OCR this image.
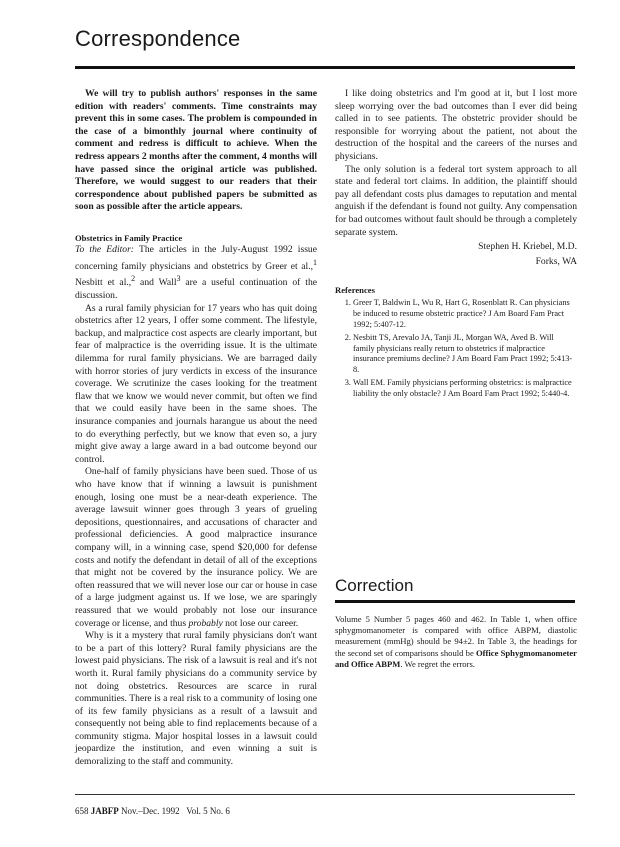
Correspondence

We will try to publish authors' responses in the same edition with readers' comments. Time constraints may prevent this in some cases. The problem is compounded in the case of a bimonthly journal where continuity of comment and redress is difficult to achieve. When the redress appears 2 months after the comment, 4 months will have passed since the original article was published. Therefore, we would suggest to our readers that their correspondence about published papers be submitted as soon as possible after the article appears.

Obstetrics in Family Practice

To the Editor: The articles in the July-August 1992 issue concerning family physicians and obstetrics by Greer et al.,$^1$ Nesbitt et al.,$^2$ and Wall$^3$ are a useful continuation of the discussion.

As a rural family physician for 17 years who has quit doing obstetrics after 12 years, I offer some comment. The lifestyle, backup, and malpractice cost aspects are clearly important, but fear of malpractice is the overriding issue. It is the ultimate dilemma for rural family physicians. We are barraged daily with horror stories of jury verdicts in excess of the insurance coverage. We scrutinize the cases looking for the treatment flaw that we know we would never commit, but often we find that we could easily have been in the same shoes. The insurance companies and journals harangue us about the need to do everything perfectly, but we know that even so, a jury might give away a large award in a bad outcome beyond our control.

One-half of family physicians have been sued. Those of us who have know that if winning a lawsuit is punishment enough, losing one must be a near-death experience. The average lawsuit winner goes through 3 years of grueling depositions, questionnaires, and accusations of character and professional deficiencies. A good malpractice insurance company will, in a winning case, spend $20,000 for defense costs and notify the defendant in detail of all of the exceptions that might not be covered by the insurance policy. We are often reassured that we will never lose our car or house in case of a large judgment against us. If we lose, we are sparingly reassured that we would probably not lose our insurance coverage or license, and thus probably not lose our career.

Why is it a mystery that rural family physicians don't want to be a part of this lottery? Rural family physicians are the lowest paid physicians. The risk of a lawsuit is real and it's not worth it. Rural family physicians do a community service by not doing obstetrics. Resources are scarce in rural communities. There is a real risk to a community of losing one of its few family physicians as a result of a lawsuit and consequently not being able to find replacements because of a community stigma. Major hospital losses in a lawsuit could jeopardize the institution, and even winning a suit is demoralizing to the staff and community.

I like doing obstetrics and I'm good at it, but I lost more sleep worrying over the bad outcomes than I ever did being called in to see patients. The obstetric provider should be responsible for worrying about the patient, not about the destruction of the hospital and the careers of the nurses and physicians.

The only solution is a federal tort system approach to all state and federal tort claims. In addition, the plaintiff should pay all defendant costs plus damages to reputation and mental anguish if the defendant is found not guilty. Any compensation for bad outcomes without fault should be through a completely separate system.

Stephen H. Kriebel, M.D.
Forks, WA
References
1. Greer T, Baldwin L, Wu R, Hart G, Rosenblatt R. Can physicians be induced to resume obstetric practice? J Am Board Fam Pract 1992; 5:407-12.
2. Nesbitt TS, Arevalo JA, Tanji JL, Morgan WA, Aved B. Will family physicians really return to obstetrics if malpractice insurance premiums decline? J Am Board Fam Pract 1992; 5:413-8.
3. Wall EM. Family physicians performing obstetrics: is malpractice liability the only obstacle? J Am Board Fam Pract 1992; 5:440-4.
Correction

Volume 5 Number 5 pages 460 and 462. In Table 1, when office sphygmomanometer is compared with office ABPM, diastolic measurement (mmHg) should be 94±2. In Table 3, the headings for the second set of comparisons should be Office Sphygmomanometer and Office ABPM. We regret the errors.

658 JABFP Nov.–Dec. 1992   Vol. 5 No. 6
